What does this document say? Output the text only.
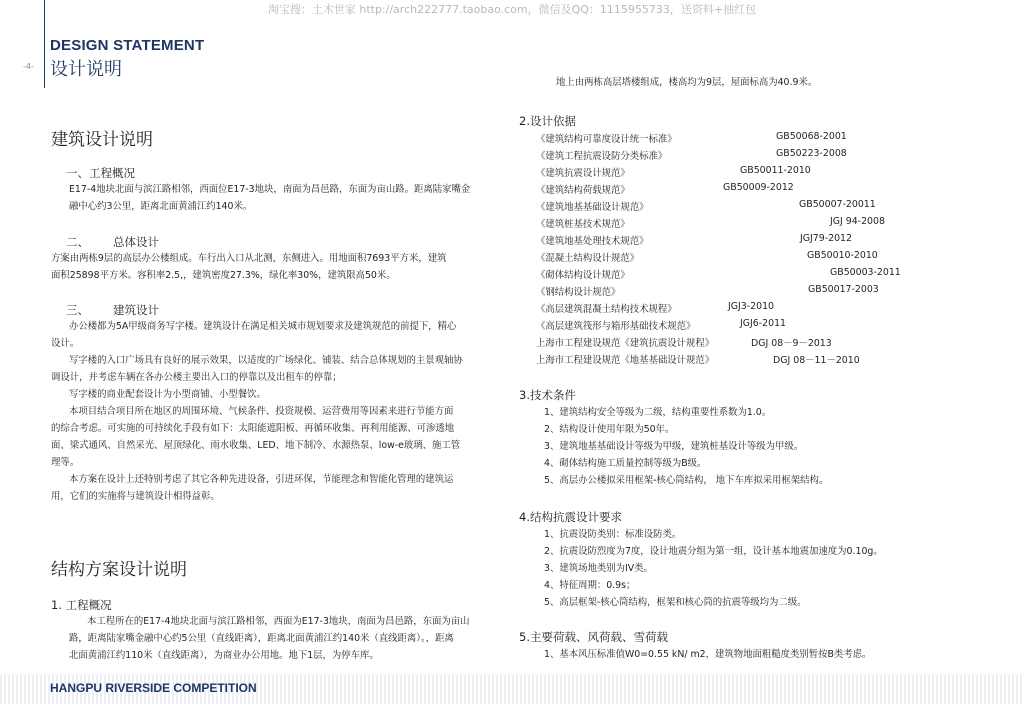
淘宝搜：土木世家 http://arch222777.taobao.com，微信及QQ：1115955733，送资料+抽红包
-4-
DESIGN STATEMENT
设计说明
建筑设计说明
一、工程概况
E17-4地块北面与滨江路相邻，西面位E17-3地块，南面为昌邑路，东面为亩山路。距离陆家嘴金
融中心约3公里，距离北面黄浦江约140米。
二、 总体设计
方案由两栋9层的高层办公楼组成。车行出入口从北测，东侧进入。用地面积7693平方米，建筑
面积25898平方米。容积率2.5,，建筑密度27.3%，绿化率30%，建筑限高50米。
三、 建筑设计
办公楼都为5A甲级商务写字楼。建筑设计在满足相关城市规划要求及建筑规范的前提下，精心
设计。
写字楼的入口广场具有良好的展示效果，以适度的广场绿化、铺装、结合总体规划的主景观轴协
调设计，并考虑车辆在各办公楼主要出入口的停靠以及出租车的停靠；
写字楼的商业配套设计为小型商铺、小型餐饮。
本项目结合项目所在地区的周围环境、气候条件、投资规模、运营费用等因素来进行节能方面
的综合考虑。可实施的可持续化手段有如下：太阳能遮阳板、再循环收集、再利用能源、可渗透地
面、梁式通风、自然采光、屋顶绿化、雨水收集、LED、地下制冷、水源热泵、low-e玻璃、施工管
理等。
本方案在设计上还特别考虑了其它各种先进设备，引进环保，节能理念和智能化管理的建筑运
用，它们的实施将与建筑设计相得益彰。
结构方案设计说明
1. 工程概况
本工程所在的E17-4地块北面与滨江路相邻，西面为E17-3地块，南面为昌邑路，东面为亩山
路，距离陆家嘴金融中心约5公里（直线距离），距离北面黄浦江约140米（直线距离）。，距离
北面黄浦江约110米（直线距离），为商业办公用地。地下1层，为停车库。
地上由两栋高层塔楼组成，楼高均为9层，屋面标高为40.9米。
2.设计依据
《建筑结构可靠度设计统一标准》	GB50068-2001
《建筑工程抗震设防分类标准》	GB50223-2008
《建筑抗震设计规范》	GB50011-2010
《建筑结构荷载规范》	GB50009-2012
《建筑地基基础设计规范》	GB50007-20011
《建筑桩基技术规范》	JGJ 94-2008
《建筑地基处理技术规范》	JGJ79-2012
《混凝土结构设计规范》	GB50010-2010
《砌体结构设计规范》	GB50003-2011
《钢结构设计规范》	GB50017-2003
《高层建筑混凝土结构技术规程》	JGJ3-2010
《高层建筑筏形与箱形基础技术规范》	JGJ6-2011
上海市工程建设规范《建筑抗震设计规程》	DGJ 08－9－2013
上海市工程建设规范《地基基础设计规范》	DGJ 08－11－2010
3.技术条件
1、建筑结构安全等级为二级，结构重要性系数为1.0。
2、结构设计使用年限为50年。
3、建筑地基基础设计等级为甲级，建筑桩基设计等级为甲级。
4、砌体结构施工质量控制等级为B级。
5、高层办公楼拟采用框架-核心筒结构， 地下车库拟采用框架结构。
4.结构抗震设计要求
1、抗震设防类别：标准设防类。
2、抗震设防烈度为7度，设计地震分组为第一组，设计基本地震加速度为0.10g。
3、建筑场地类别为IV类。
4、特征周期：0.9s；
5、高层框架-核心筒结构，框架和核心筒的抗震等级均为二级。
5.主要荷载、风荷载、雪荷载
1、基本风压标准值W0=0.55 kN/ m2，建筑物地面粗糙度类别暂按B类考虑。
HANGPU RIVERSIDE COMPETITION
